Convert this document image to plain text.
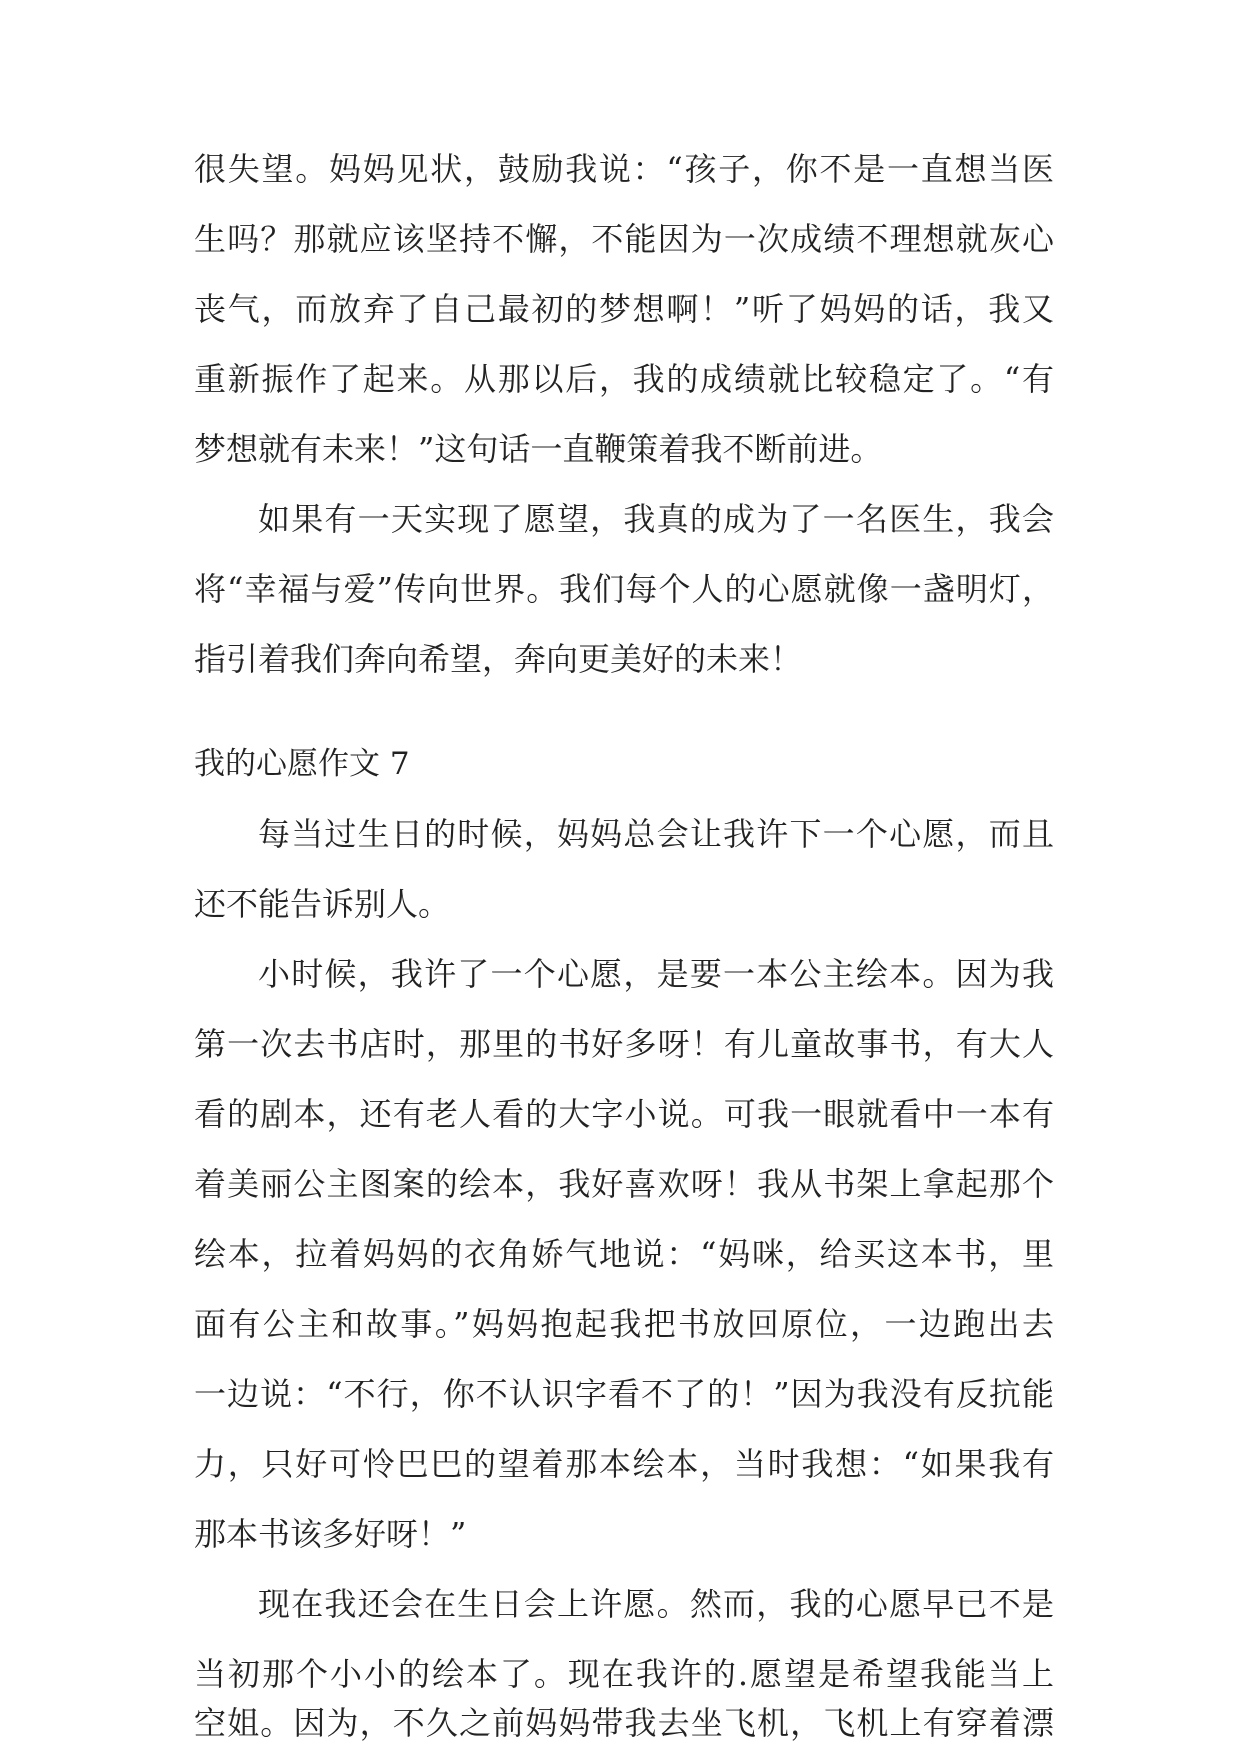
很失望。妈妈见状，鼓励我说：“孩子，你不是一直想当医
生吗？那就应该坚持不懈，不能因为一次成绩不理想就灰心
丧气，而放弃了自己最初的梦想啊！”听了妈妈的话，我又
重新振作了起来。从那以后，我的成绩就比较稳定了。“有
梦想就有未来！”这句话一直鞭策着我不断前进。
如果有一天实现了愿望，我真的成为了一名医生，我会
将“幸福与爱”传向世界。我们每个人的心愿就像一盏明灯，
指引着我们奔向希望，奔向更美好的未来！
我的心愿作文 7
每当过生日的时候，妈妈总会让我许下一个心愿，而且
还不能告诉别人。
小时候，我许了一个心愿，是要一本公主绘本。因为我
第一次去书店时，那里的书好多呀！有儿童故事书，有大人
看的剧本，还有老人看的大字小说。可我一眼就看中一本有
着美丽公主图案的绘本，我好喜欢呀！我从书架上拿起那个
绘本，拉着妈妈的衣角娇气地说：“妈咪，给买这本书，里
面有公主和故事。”妈妈抱起我把书放回原位，一边跑出去
一边说：“不行，你不认识字看不了的！”因为我没有反抗能
力，只好可怜巴巴的望着那本绘本，当时我想：“如果我有
那本书该多好呀！”
现在我还会在生日会上许愿。然而，我的心愿早已不是
当初那个小小的绘本了。现在我许的.愿望是希望我能当上
空姐。因为，不久之前妈妈带我去坐飞机，飞机上有穿着漂
